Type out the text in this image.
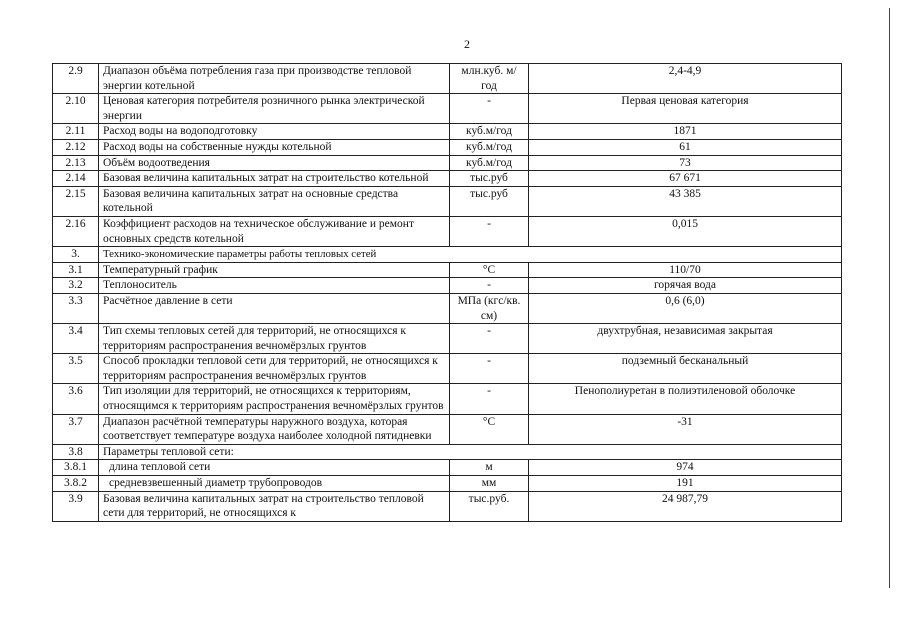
2
2.9	Диапазон объёма потребления газа при производстве тепловой энергии котельной	млн.куб. м/год	2,4-4,9
2.10	Ценовая категория потребителя розничного рынка электрической энергии	-	Первая ценовая категория
2.11	Расход воды на водоподготовку	куб.м/год	1871
2.12	Расход воды на собственные нужды котельной	куб.м/год	61
2.13	Объём водоотведения	куб.м/год	73
2.14	Базовая величина капитальных затрат на строительство котельной	тыс.руб	67 671
2.15	Базовая величина капитальных затрат на основные средства котельной	тыс.руб	43 385
2.16	Коэффициент расходов на техническое обслуживание и ремонт основных средств котельной	-	0,015
3.	Технико-экономические параметры работы тепловых сетей		
3.1	Температурный график	°С	110/70
3.2	Теплоноситель	-	горячая вода
3.3	Расчётное давление в сети	МПа (кгс/кв. см)	0,6 (6,0)
3.4	Тип схемы тепловых сетей для территорий, не относящихся к территориям распространения вечномёрзлых грунтов	-	двухтрубная, независимая закрытая
3.5	Способ прокладки тепловой сети для территорий, не относящихся к территориям распространения вечномёрзлых грунтов	-	подземный бесканальный
3.6	Тип изоляции для территорий, не относящихся к территориям, относящимся к территориям распространения вечномёрзлых грунтов	-	Пенополиуретан в полиэтиленовой оболочке
3.7	Диапазон расчётной температуры наружного воздуха, которая соответствует температуре воздуха наиболее холодной пятидневки	°С	-31
3.8	Параметры тепловой сети:		
3.8.1	длина тепловой сети	м	974
3.8.2	средневзвешенный диаметр трубопроводов	мм	191
3.9	Базовая величина капитальных затрат на строительство тепловой сети для территорий, не относящихся к	тыс.руб.	24 987,79
